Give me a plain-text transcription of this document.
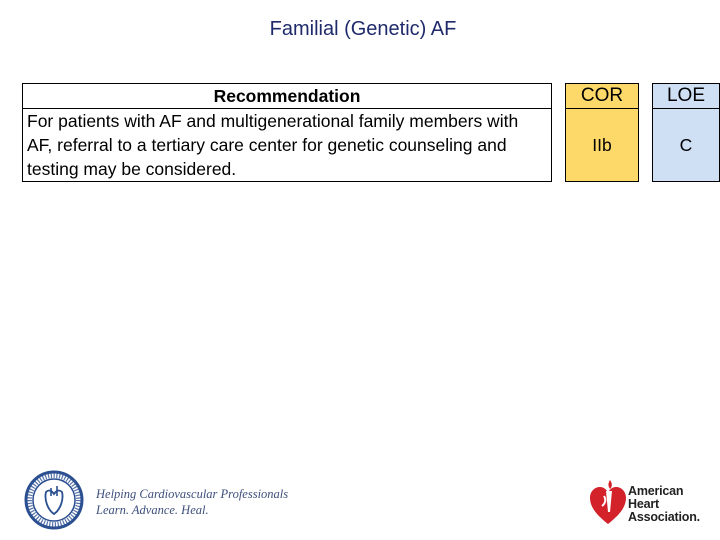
Familial (Genetic) AF
Recommendation		COR		LOE
For patients with AF and multigenerational family members with AF, referral to a tertiary care center for genetic counseling and testing may be considered.		IIb		C
Helping Cardiovascular Professionals
Learn. Advance. Heal.
American
Heart
Association.
